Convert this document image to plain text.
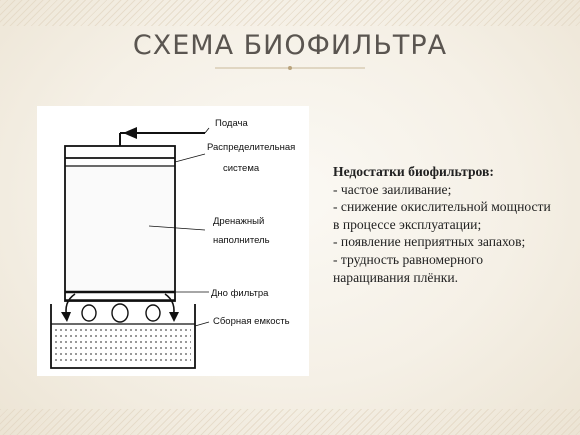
СХЕМА БИОФИЛЬТРА
Подача
Распределительная
система
Дренажный
наполнитель
Дно фильтра
Сборная емкость
Недостатки биофильтров:
- частое заиливание;
- снижение окислительной мощности в процессе эксплуатации;
- появление неприятных запахов;
- трудность равномерного наращивания плёнки.
